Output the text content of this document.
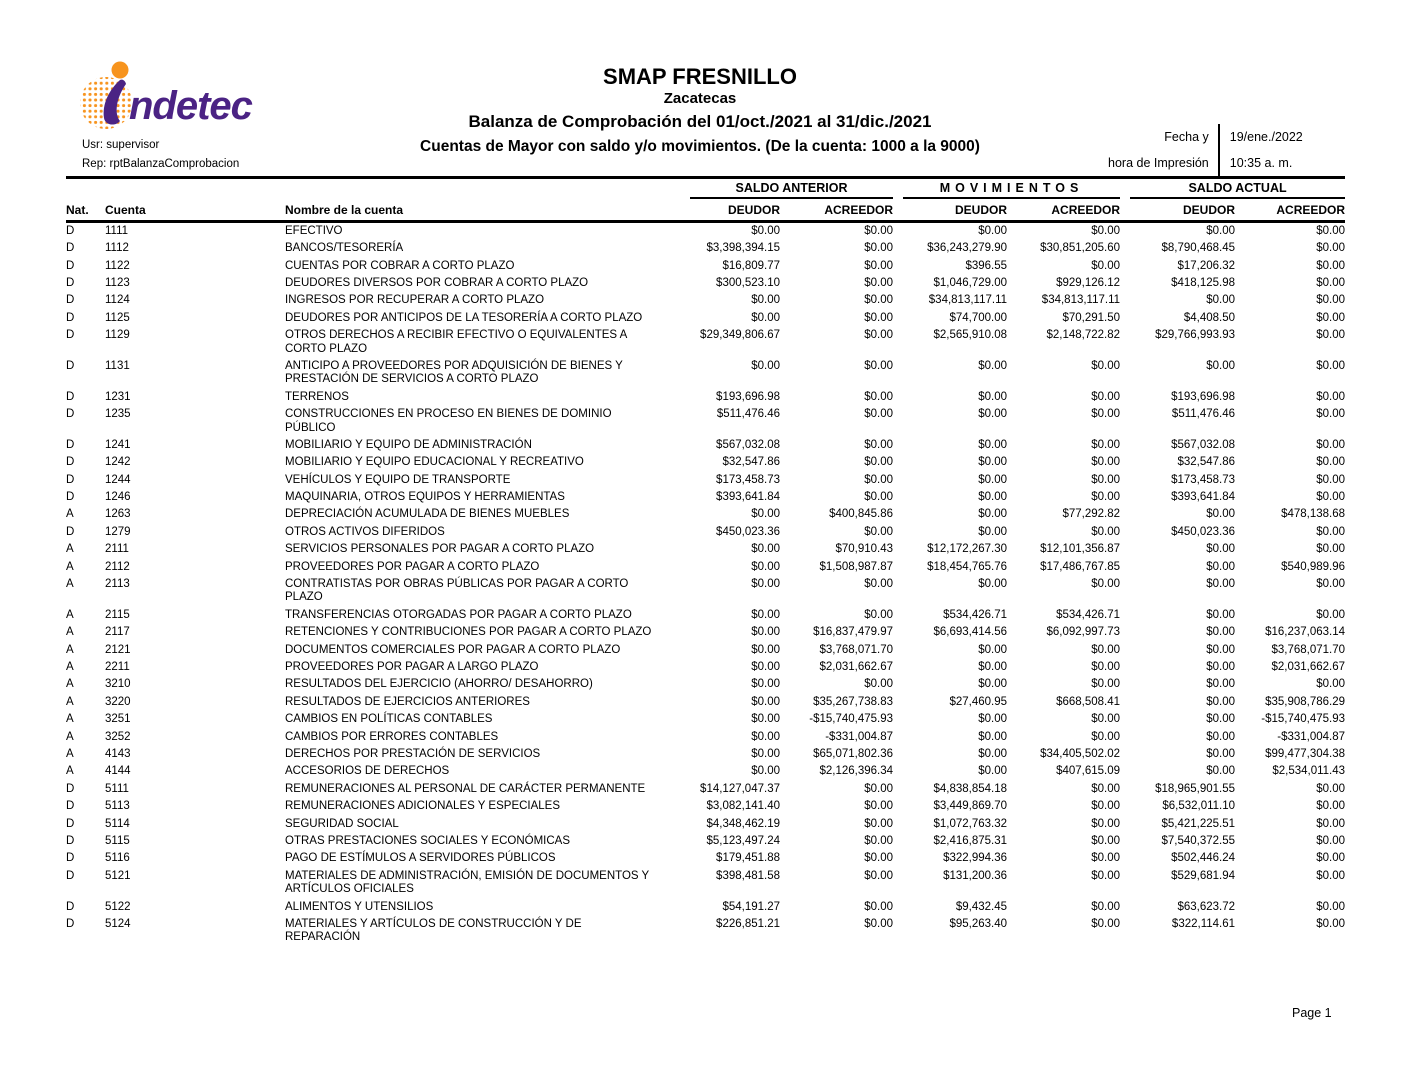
ndetec
Usr: supervisor
Rep: rptBalanzaComprobacion
SMAP FRESNILLO
Zacatecas
Balanza de Comprobación del 01/oct./2021 al 31/dic./2021
Cuentas de Mayor con saldo y/o movimientos. (De la cuenta: 1000 a la 9000)
Fecha y
hora de Impresión
19/ene./2022
10:35 a. m.

			SALDO ANTERIOR		MOVIMIENTOS		SALDO ACTUAL	

Nat.	Cuenta	Nombre de la cuenta	DEUDOR	ACREEDOR	DEUDOR	ACREEDOR	DEUDOR	ACREEDOR
D	1111	EFECTIVO	$0.00	$0.00	$0.00	$0.00	$0.00	$0.00
D	1112	BANCOS/TESORERÍA	$3,398,394.15	$0.00	$36,243,279.90	$30,851,205.60	$8,790,468.45	$0.00
D	1122	CUENTAS POR COBRAR A CORTO PLAZO	$16,809.77	$0.00	$396.55	$0.00	$17,206.32	$0.00
D	1123	DEUDORES DIVERSOS POR COBRAR A CORTO PLAZO	$300,523.10	$0.00	$1,046,729.00	$929,126.12	$418,125.98	$0.00
D	1124	INGRESOS POR RECUPERAR A CORTO PLAZO	$0.00	$0.00	$34,813,117.11	$34,813,117.11	$0.00	$0.00
D	1125	DEUDORES POR ANTICIPOS DE LA TESORERÍA A CORTO PLAZO	$0.00	$0.00	$74,700.00	$70,291.50	$4,408.50	$0.00
D	1129	OTROS DERECHOS A RECIBIR EFECTIVO O EQUIVALENTES A CORTO PLAZO	$29,349,806.67	$0.00	$2,565,910.08	$2,148,722.82	$29,766,993.93	$0.00
D	1131	ANTICIPO A PROVEEDORES POR ADQUISICIÓN DE BIENES Y PRESTACIÓN DE SERVICIOS A CORTO PLAZO	$0.00	$0.00	$0.00	$0.00	$0.00	$0.00
D	1231	TERRENOS	$193,696.98	$0.00	$0.00	$0.00	$193,696.98	$0.00
D	1235	CONSTRUCCIONES EN PROCESO EN BIENES DE DOMINIO PÚBLICO	$511,476.46	$0.00	$0.00	$0.00	$511,476.46	$0.00
D	1241	MOBILIARIO Y EQUIPO DE ADMINISTRACIÓN	$567,032.08	$0.00	$0.00	$0.00	$567,032.08	$0.00
D	1242	MOBILIARIO Y EQUIPO EDUCACIONAL Y RECREATIVO	$32,547.86	$0.00	$0.00	$0.00	$32,547.86	$0.00
D	1244	VEHÍCULOS Y EQUIPO DE TRANSPORTE	$173,458.73	$0.00	$0.00	$0.00	$173,458.73	$0.00
D	1246	MAQUINARIA, OTROS EQUIPOS Y HERRAMIENTAS	$393,641.84	$0.00	$0.00	$0.00	$393,641.84	$0.00
A	1263	DEPRECIACIÓN ACUMULADA DE BIENES MUEBLES	$0.00	$400,845.86	$0.00	$77,292.82	$0.00	$478,138.68
D	1279	OTROS ACTIVOS DIFERIDOS	$450,023.36	$0.00	$0.00	$0.00	$450,023.36	$0.00
A	2111	SERVICIOS PERSONALES POR PAGAR A CORTO PLAZO	$0.00	$70,910.43	$12,172,267.30	$12,101,356.87	$0.00	$0.00
A	2112	PROVEEDORES POR PAGAR A CORTO PLAZO	$0.00	$1,508,987.87	$18,454,765.76	$17,486,767.85	$0.00	$540,989.96
A	2113	CONTRATISTAS POR OBRAS PÚBLICAS POR PAGAR A CORTO PLAZO	$0.00	$0.00	$0.00	$0.00	$0.00	$0.00
A	2115	TRANSFERENCIAS OTORGADAS POR PAGAR A CORTO PLAZO	$0.00	$0.00	$534,426.71	$534,426.71	$0.00	$0.00
A	2117	RETENCIONES Y CONTRIBUCIONES POR PAGAR A CORTO PLAZO	$0.00	$16,837,479.97	$6,693,414.56	$6,092,997.73	$0.00	$16,237,063.14
A	2121	DOCUMENTOS COMERCIALES POR PAGAR A CORTO PLAZO	$0.00	$3,768,071.70	$0.00	$0.00	$0.00	$3,768,071.70
A	2211	PROVEEDORES POR PAGAR A LARGO PLAZO	$0.00	$2,031,662.67	$0.00	$0.00	$0.00	$2,031,662.67
A	3210	RESULTADOS DEL EJERCICIO (AHORRO/ DESAHORRO)	$0.00	$0.00	$0.00	$0.00	$0.00	$0.00
A	3220	RESULTADOS DE EJERCICIOS ANTERIORES	$0.00	$35,267,738.83	$27,460.95	$668,508.41	$0.00	$35,908,786.29
A	3251	CAMBIOS EN POLÍTICAS CONTABLES	$0.00	-$15,740,475.93	$0.00	$0.00	$0.00	-$15,740,475.93
A	3252	CAMBIOS POR ERRORES CONTABLES	$0.00	-$331,004.87	$0.00	$0.00	$0.00	-$331,004.87
A	4143	DERECHOS POR PRESTACIÓN DE SERVICIOS	$0.00	$65,071,802.36	$0.00	$34,405,502.02	$0.00	$99,477,304.38
A	4144	ACCESORIOS DE DERECHOS	$0.00	$2,126,396.34	$0.00	$407,615.09	$0.00	$2,534,011.43
D	5111	REMUNERACIONES AL PERSONAL DE CARÁCTER PERMANENTE	$14,127,047.37	$0.00	$4,838,854.18	$0.00	$18,965,901.55	$0.00
D	5113	REMUNERACIONES ADICIONALES Y ESPECIALES	$3,082,141.40	$0.00	$3,449,869.70	$0.00	$6,532,011.10	$0.00
D	5114	SEGURIDAD SOCIAL	$4,348,462.19	$0.00	$1,072,763.32	$0.00	$5,421,225.51	$0.00
D	5115	OTRAS PRESTACIONES SOCIALES Y ECONÓMICAS	$5,123,497.24	$0.00	$2,416,875.31	$0.00	$7,540,372.55	$0.00
D	5116	PAGO DE ESTÍMULOS A SERVIDORES PÚBLICOS	$179,451.88	$0.00	$322,994.36	$0.00	$502,446.24	$0.00
D	5121	MATERIALES DE ADMINISTRACIÓN, EMISIÓN DE DOCUMENTOS Y ARTÍCULOS OFICIALES	$398,481.58	$0.00	$131,200.36	$0.00	$529,681.94	$0.00
D	5122	ALIMENTOS Y UTENSILIOS	$54,191.27	$0.00	$9,432.45	$0.00	$63,623.72	$0.00
D	5124	MATERIALES Y ARTÍCULOS DE CONSTRUCCIÓN Y DE REPARACIÓN	$226,851.21	$0.00	$95,263.40	$0.00	$322,114.61	$0.00
Page 1
